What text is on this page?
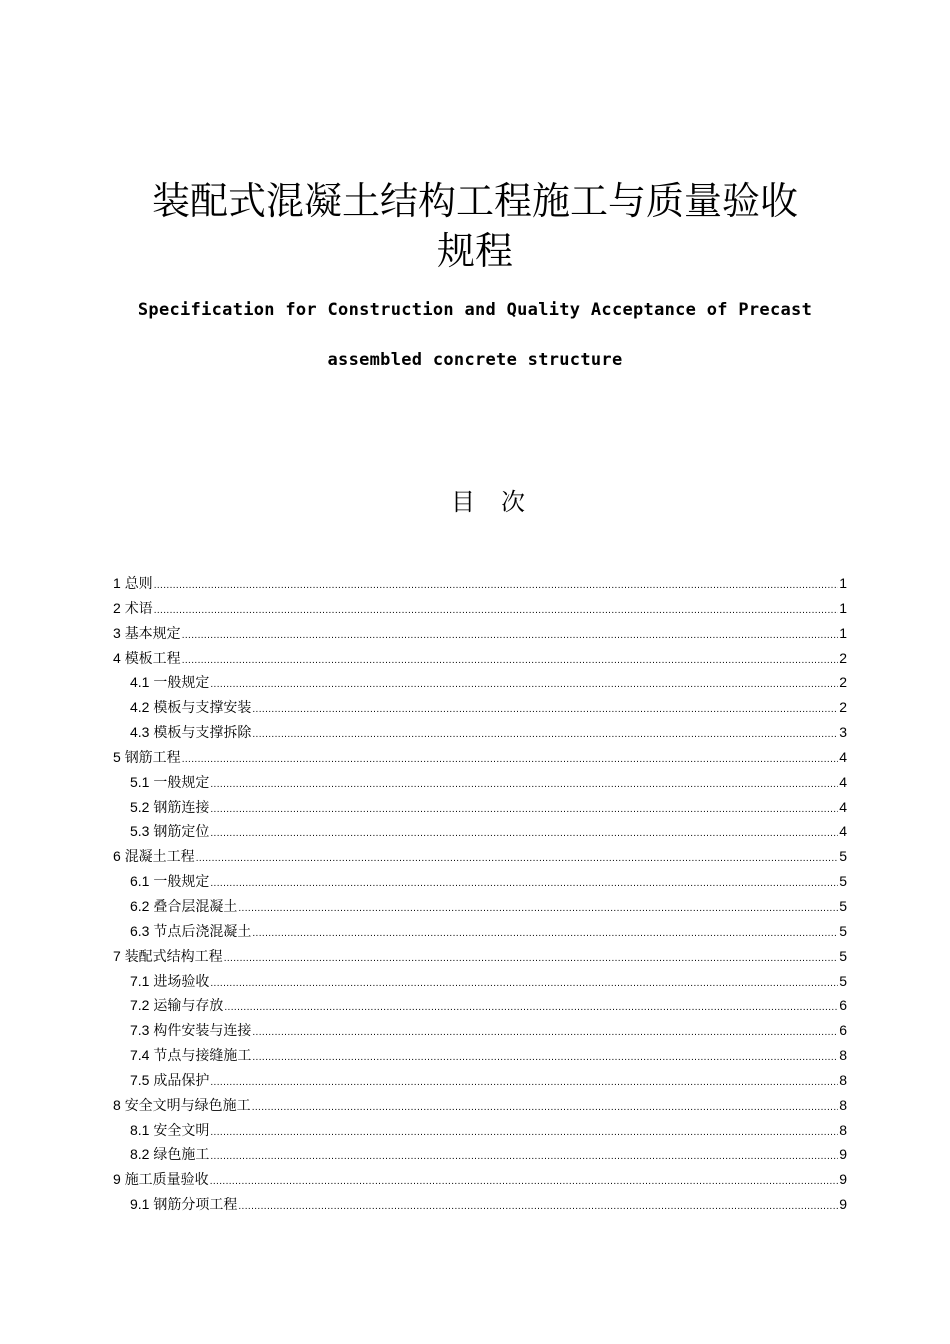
装配式混凝土结构工程施工与质量验收
规程
Specification for Construction and Quality Acceptance of Precast
assembled concrete structure
目次
1 总则 .....	1
2 术语 .....	1
3 基本规定 .....	1
4 模板工程 .....	2
4.1 一般规定 .....	2
4.2 模板与支撑安装 .....	2
4.3 模板与支撑拆除 .....	3
5 钢筋工程 .....	4
5.1 一般规定 .....	4
5.2 钢筋连接 .....	4
5.3 钢筋定位 .....	4
6 混凝土工程 .....	5
6.1 一般规定 .....	5
6.2 叠合层混凝土 .....	5
6.3 节点后浇混凝土 .....	5
7 装配式结构工程 .....	5
7.1 进场验收 .....	5
7.2 运输与存放 .....	6
7.3 构件安装与连接 .....	6
7.4 节点与接缝施工 .....	8
7.5 成品保护 .....	8
8 安全文明与绿色施工 .....	8
8.1 安全文明 .....	8
8.2 绿色施工 .....	9
9 施工质量验收 .....	9
9.1 钢筋分项工程 .....	9
